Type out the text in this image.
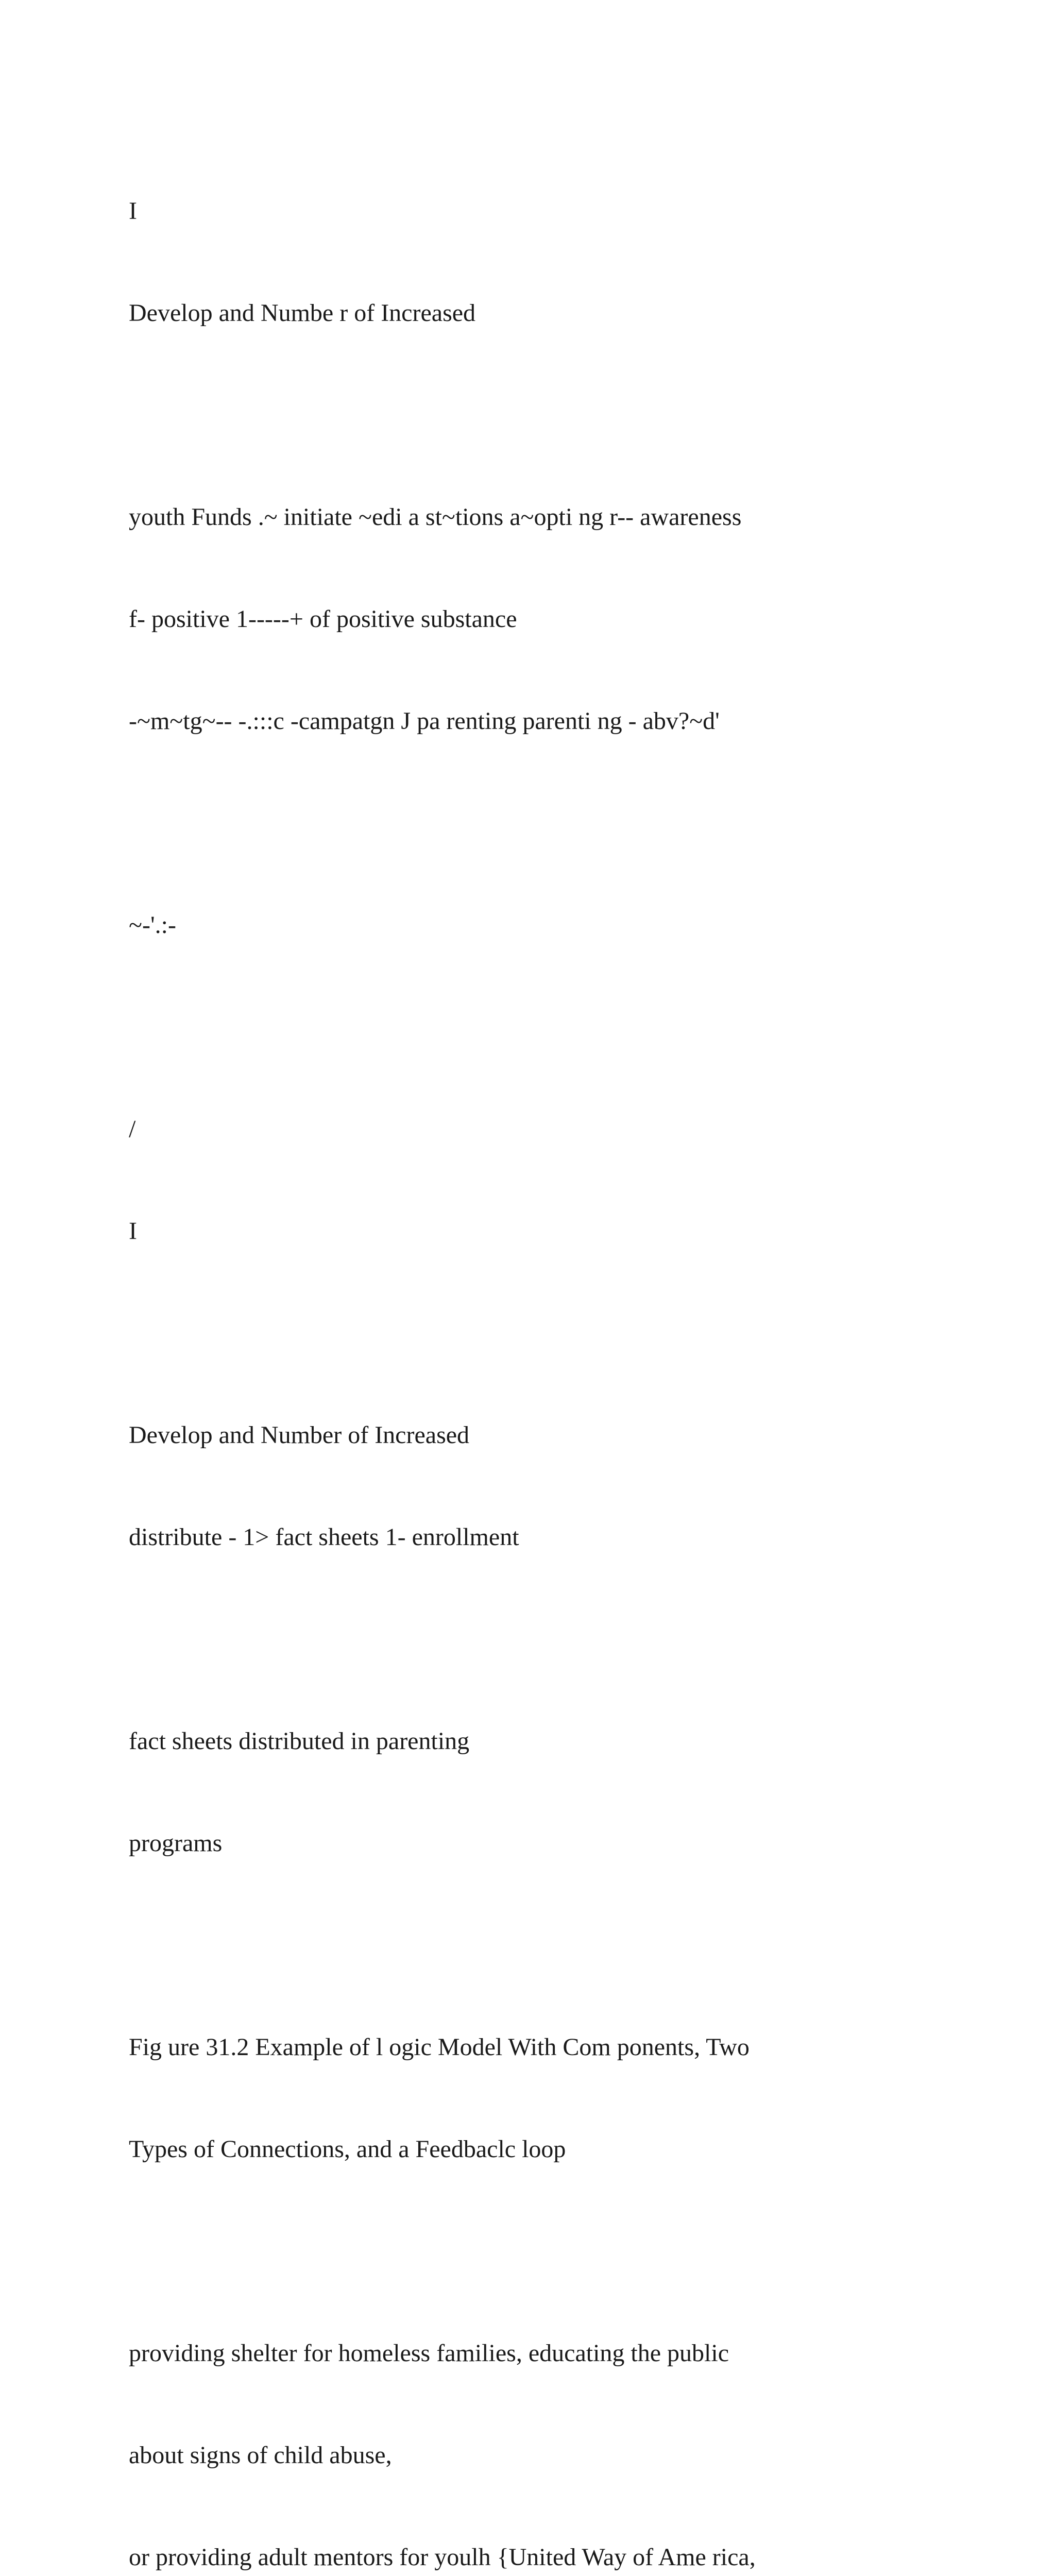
I

Develop and Numbe r of Increased

youth Funds .~ initiate ~edi a st~tions a~opti ng r-- awareness

f- positive 1-----+ of positive substance

-~m~tg~-- -.:::c -campatgn J pa renting parenti ng - abv?~d'

~-'.:-

/

I

Develop and Number of Increased

distribute - 1> fact sheets 1- enrollment

fact sheets distributed in parenting

programs

Fig ure 31.2 Example of l ogic Model With Com ponents, Two

Types of Connections, and a Feedbaclc loop

providing shelter for homeless families, educating the public

about signs of child abuse,

or providing adult mentors for youlh {United Way of Ame rica,
